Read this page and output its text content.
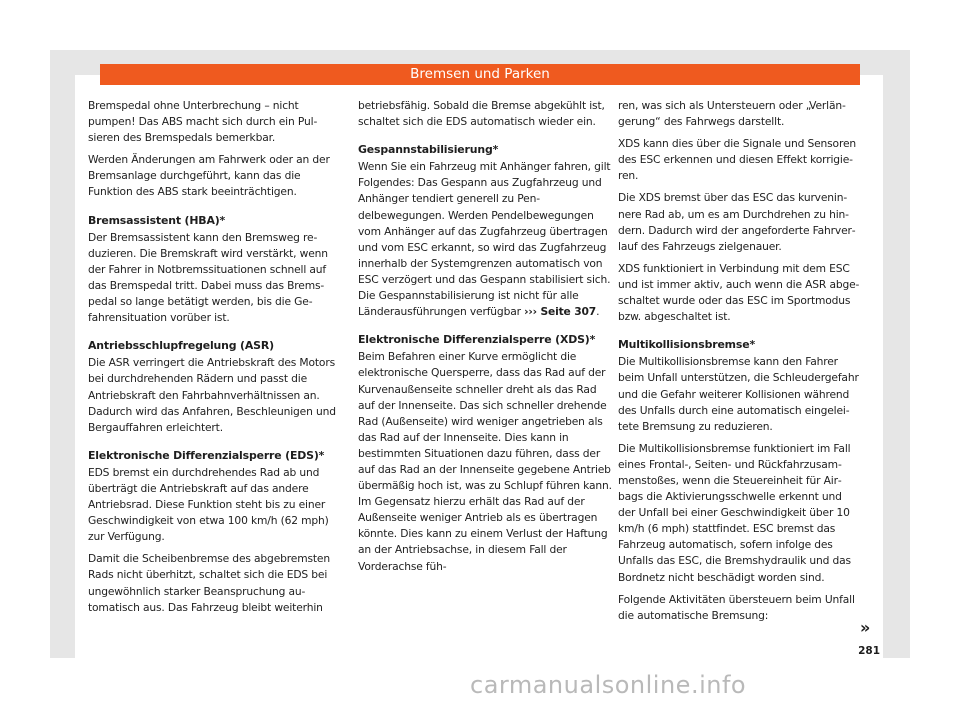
Bremsen und Parken

Bremspedal ohne Unterbrechung – nicht pumpen! Das ABS macht sich durch ein Pulsieren des Bremspedals bemerkbar.

Werden Änderungen am Fahrwerk oder an der Bremsanlage durchgeführt, kann das die Funktion des ABS stark beeinträchtigen.

Bremsassistent (HBA)*

Der Bremsassistent kann den Bremsweg reduzieren. Die Bremskraft wird verstärkt, wenn der Fahrer in Notbremssituationen schnell auf das Bremspedal tritt. Dabei muss das Bremspedal so lange betätigt werden, bis die Gefahrensituation vorüber ist.

Antriebsschlupfregelung (ASR)

Die ASR verringert die Antriebskraft des Motors bei durchdrehenden Rädern und passt die Antriebskraft den Fahrbahnverhältnissen an. Dadurch wird das Anfahren, Beschleunigen und Bergauffahren erleichtert.

Elektronische Differenzialsperre (EDS)*

EDS bremst ein durchdrehendes Rad ab und überträgt die Antriebskraft auf das andere Antriebsrad. Diese Funktion steht bis zu einer Geschwindigkeit von etwa 100 km/h (62 mph) zur Verfügung.

Damit die Scheibenbremse des abgebremsten Rads nicht überhitzt, schaltet sich die EDS bei ungewöhnlich starker Beanspruchung automatisch aus. Das Fahrzeug bleibt weiterhin

betriebsfähig. Sobald die Bremse abgekühlt ist, schaltet sich die EDS automatisch wieder ein.

Gespannstabilisierung*

Wenn Sie ein Fahrzeug mit Anhänger fahren, gilt Folgendes: Das Gespann aus Zugfahrzeug und Anhänger tendiert generell zu Pendelbewegungen. Werden Pendelbewegungen vom Anhänger auf das Zugfahrzeug übertragen und vom ESC erkannt, so wird das Zugfahrzeug innerhalb der Systemgrenzen automatisch von ESC verzögert und das Gespann stabilisiert sich. Die Gespannstabilisierung ist nicht für alle Länderausführungen verfügbar ››› Seite 307.

Elektronische Differenzialsperre (XDS)*

Beim Befahren einer Kurve ermöglicht die elektronische Quersperre, dass das Rad auf der Kurvenaußenseite schneller dreht als das Rad auf der Innenseite. Das sich schneller drehende Rad (Außenseite) wird weniger angetrieben als das Rad auf der Innenseite. Dies kann in bestimmten Situationen dazu führen, dass der auf das Rad an der Innenseite gegebene Antrieb übermäßig hoch ist, was zu Schlupf führen kann. Im Gegensatz hierzu erhält das Rad auf der Außenseite weniger Antrieb als es übertragen könnte. Dies kann zu einem Verlust der Haftung an der Antriebsachse, in diesem Fall der Vorderachse füh-

ren, was sich als Untersteuern oder „Verlängerung“ des Fahrwegs darstellt.

XDS kann dies über die Signale und Sensoren des ESC erkennen und diesen Effekt korrigieren.

Die XDS bremst über das ESC das kurveninnere Rad ab, um es am Durchdrehen zu hindern. Dadurch wird der angeforderte Fahrverlauf des Fahrzeugs zielgenauer.

XDS funktioniert in Verbindung mit dem ESC und ist immer aktiv, auch wenn die ASR abgeschaltet wurde oder das ESC im Sportmodus bzw. abgeschaltet ist.

Multikollisionsbremse*

Die Multikollisionsbremse kann den Fahrer beim Unfall unterstützen, die Schleudergefahr und die Gefahr weiterer Kollisionen während des Unfalls durch eine automatisch eingeleitete Bremsung zu reduzieren.

Die Multikollisionsbremse funktioniert im Fall eines Frontal-, Seiten- und Rückfahrzusammenstoßes, wenn die Steuereinheit für Airbags die Aktivierungsschwelle erkennt und der Unfall bei einer Geschwindigkeit über 10 km/h (6 mph) stattfindet. ESC bremst das Fahrzeug automatisch, sofern infolge des Unfalls das ESC, die Bremshydraulik und das Bordnetz nicht beschädigt worden sind.

Folgende Aktivitäten übersteuern beim Unfall die automatische Bremsung:

»
281
carmanualsonline.info
